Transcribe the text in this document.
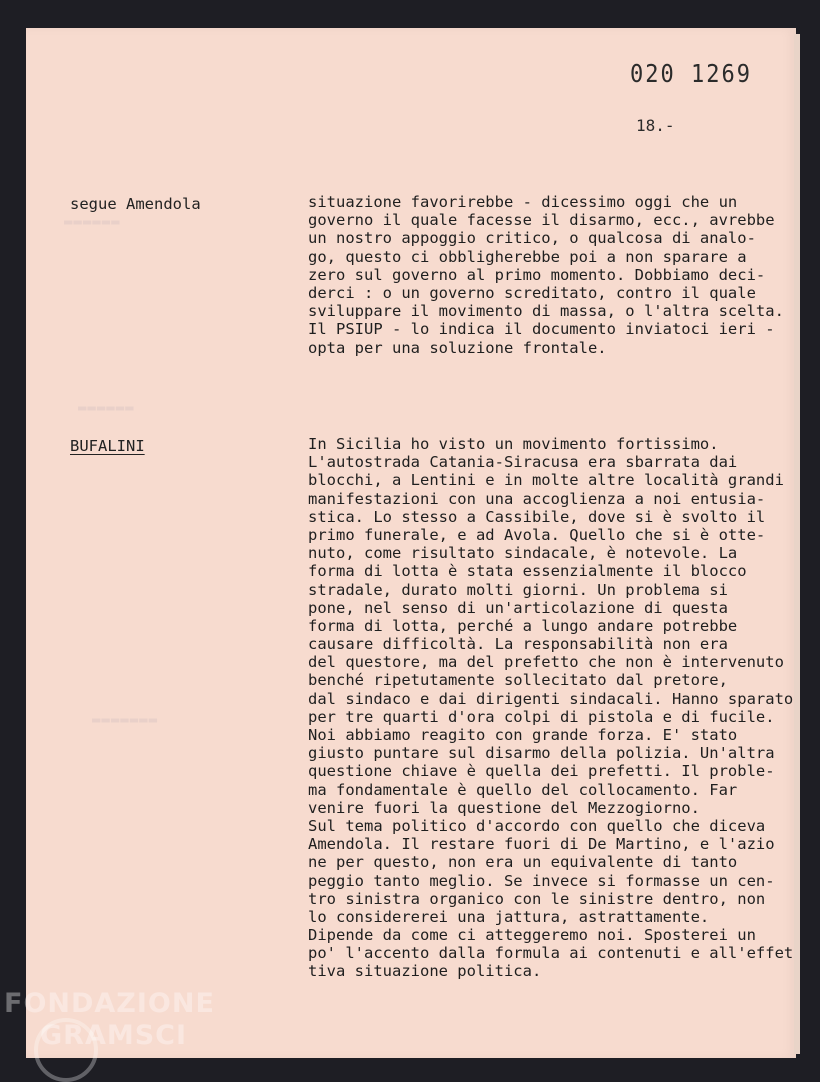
▬▬▬▬▬▬
▬▬▬▬▬▬
▬▬▬▬▬▬▬
020 1269
18.-
segue Amendola	situazione favorirebbe - dicessimo oggi che un
governo il quale facesse il disarmo, ecc., avrebbe
un nostro appoggio critico, o qualcosa di analo-
go, questo ci obbligherebbe poi a non sparare a
zero sul governo al primo momento. Dobbiamo deci-
derci : o un governo screditato, contro il quale
sviluppare il movimento di massa, o l'altra scelta.
Il PSIUP - lo indica il documento inviatoci ieri -
opta per una soluzione frontale.
BUFALINI	In Sicilia ho visto un movimento fortissimo.
L'autostrada Catania-Siracusa era sbarrata dai
blocchi, a Lentini e in molte altre località grandi
manifestazioni con una accoglienza a noi entusia-
stica. Lo stesso a Cassibile, dove si è svolto il
primo funerale, e ad Avola. Quello che si è otte-
nuto, come risultato sindacale, è notevole. La
forma di lotta è stata essenzialmente il blocco
stradale, durato molti giorni. Un problema si
pone, nel senso di un'articolazione di questa
forma di lotta, perché a lungo andare potrebbe
causare difficoltà. La responsabilità non era
del questore, ma del prefetto che non è intervenuto
benché ripetutamente sollecitato dal pretore,
dal sindaco e dai dirigenti sindacali. Hanno sparato
per tre quarti d'ora colpi di pistola e di fucile.
Noi abbiamo reagito con grande forza. E' stato
giusto puntare sul disarmo della polizia. Un'altra
questione chiave è quella dei prefetti. Il proble-
ma fondamentale è quello del collocamento. Far
venire fuori la questione del Mezzogiorno.
Sul tema politico d'accordo con quello che diceva
Amendola. Il restare fuori di De Martino, e l'azio
ne per questo, non era un equivalente di tanto
peggio tanto meglio. Se invece si formasse un cen-
tro sinistra organico con le sinistre dentro, non
lo considererei una jattura, astrattamente.
Dipende da come ci atteggeremo noi. Sposterei un
po' l'accento dalla formula ai contenuti e all'effet
tiva situazione politica.
FONDAZIONE
GRAMSCI
